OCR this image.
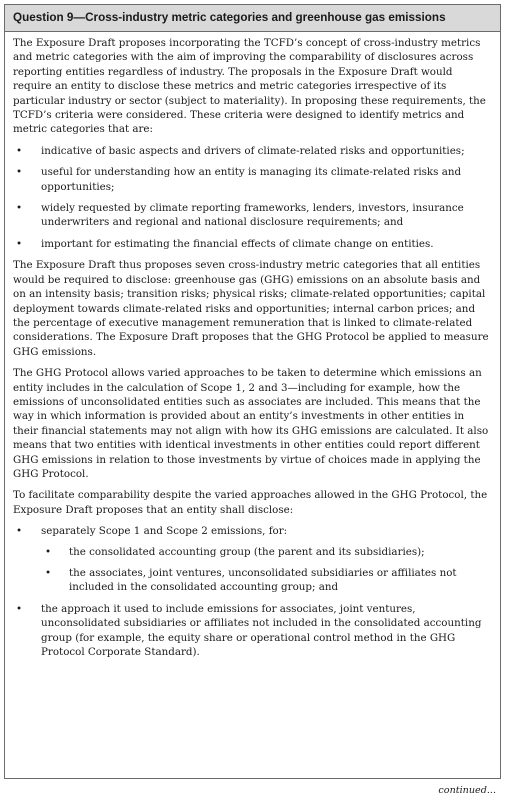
Question 9—Cross-industry metric categories and greenhouse gas emissions

The Exposure Draft proposes incorporating the TCFD’s concept of cross-industry metrics and metric categories with the aim of improving the comparability of disclosures across reporting entities regardless of industry. The proposals in the Exposure Draft would require an entity to disclose these metrics and metric categories irrespective of its particular industry or sector (subject to materiality). In proposing these requirements, the TCFD’s criteria were considered. These criteria were designed to identify metrics and metric categories that are:

• indicative of basic aspects and drivers of climate-related risks and opportunities;
• useful for understanding how an entity is managing its climate-related risks and opportunities;
• widely requested by climate reporting frameworks, lenders, investors, insurance underwriters and regional and national disclosure requirements; and
• important for estimating the financial effects of climate change on entities.

The Exposure Draft thus proposes seven cross-industry metric categories that all entities would be required to disclose: greenhouse gas (GHG) emissions on an absolute basis and on an intensity basis; transition risks; physical risks; climate-related opportunities; capital deployment towards climate-related risks and opportunities; internal carbon prices; and the percentage of executive management remuneration that is linked to climate-related considerations. The Exposure Draft proposes that the GHG Protocol be applied to measure GHG emissions.

The GHG Protocol allows varied approaches to be taken to determine which emissions an entity includes in the calculation of Scope 1, 2 and 3—including for example, how the emissions of unconsolidated entities such as associates are included. This means that the way in which information is provided about an entity’s investments in other entities in their financial statements may not align with how its GHG emissions are calculated. It also means that two entities with identical investments in other entities could report different GHG emissions in relation to those investments by virtue of choices made in applying the GHG Protocol.

To facilitate comparability despite the varied approaches allowed in the GHG Protocol, the Exposure Draft proposes that an entity shall disclose:

• separately Scope 1 and Scope 2 emissions, for:
• the consolidated accounting group (the parent and its subsidiaries);
• the associates, joint ventures, unconsolidated subsidiaries or affiliates not included in the consolidated accounting group; and
• the approach it used to include emissions for associates, joint ventures, unconsolidated subsidiaries or affiliates not included in the consolidated accounting group (for example, the equity share or operational control method in the GHG Protocol Corporate Standard).
continued...
